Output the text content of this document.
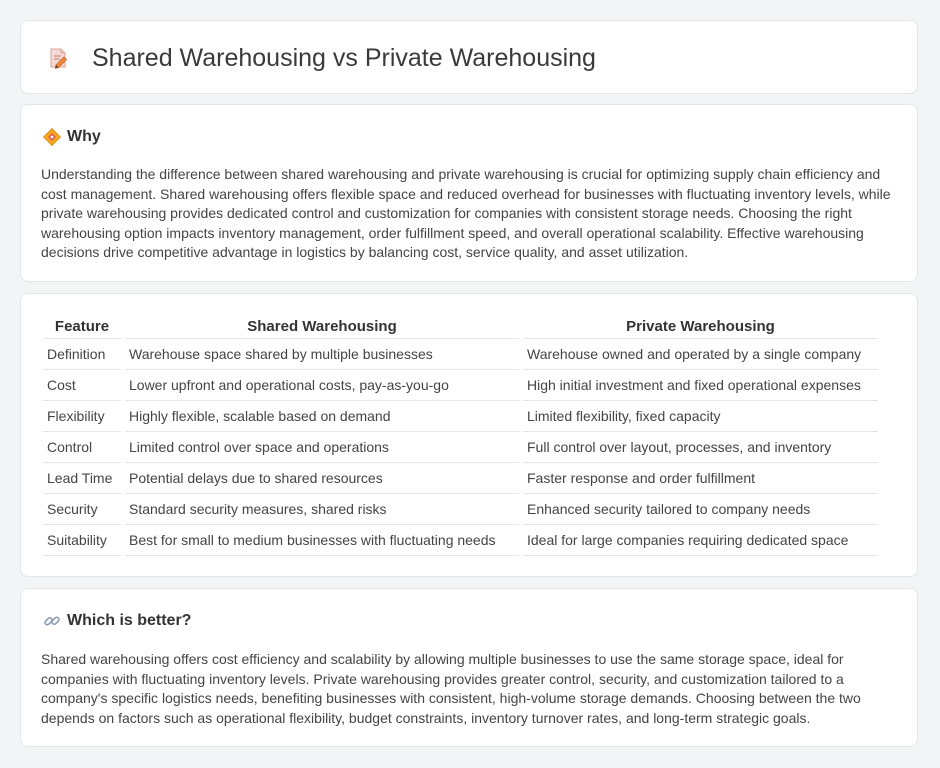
Shared Warehousing vs Private Warehousing
Why

Understanding the difference between shared warehousing and private warehousing is crucial for optimizing supply chain efficiency and cost management. Shared warehousing offers flexible space and reduced overhead for businesses with fluctuating inventory levels, while private warehousing provides dedicated control and customization for companies with consistent storage needs. Choosing the right warehousing option impacts inventory management, order fulfillment speed, and overall operational scalability. Effective warehousing decisions drive competitive advantage in logistics by balancing cost, service quality, and asset utilization.

Feature	Shared Warehousing	Private Warehousing
Definition	Warehouse space shared by multiple businesses	Warehouse owned and operated by a single company
Cost	Lower upfront and operational costs, pay-as-you-go	High initial investment and fixed operational expenses
Flexibility	Highly flexible, scalable based on demand	Limited flexibility, fixed capacity
Control	Limited control over space and operations	Full control over layout, processes, and inventory
Lead Time	Potential delays due to shared resources	Faster response and order fulfillment
Security	Standard security measures, shared risks	Enhanced security tailored to company needs
Suitability	Best for small to medium businesses with fluctuating needs	Ideal for large companies requiring dedicated space
Which is better?

Shared warehousing offers cost efficiency and scalability by allowing multiple businesses to use the same storage space, ideal for companies with fluctuating inventory levels. Private warehousing provides greater control, security, and customization tailored to a company's specific logistics needs, benefiting businesses with consistent, high-volume storage demands. Choosing between the two depends on factors such as operational flexibility, budget constraints, inventory turnover rates, and long-term strategic goals.
